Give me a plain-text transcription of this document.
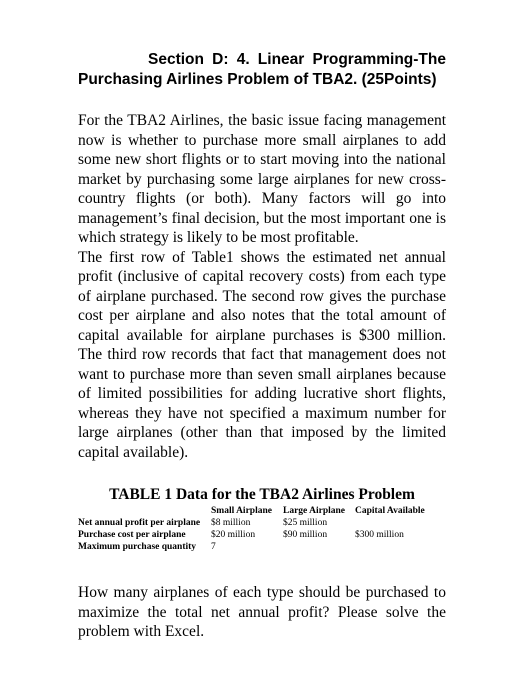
Section D: 4. Linear Programming-The Purchasing Airlines Problem of TBA2. (25Points)

For the TBA2 Airlines, the basic issue facing management now is whether to purchase more small airplanes to add some new short flights or to start moving into the national market by purchasing some large airplanes for new cross-country flights (or both). Many factors will go into management’s final decision, but the most important one is which strategy is likely to be most profitable.

The first row of Table1 shows the estimated net annual profit (inclusive of capital recovery costs) from each type of airplane purchased. The second row gives the purchase cost per airplane and also notes that the total amount of capital available for airplane purchases is $300 million. The third row records that fact that management does not want to purchase more than seven small airplanes because of limited possibilities for adding lucrative short flights, whereas they have not specified a maximum number for large airplanes (other than that imposed by the limited capital available).

TABLE 1 Data for the TBA2 Airlines Problem

	Small Airplane	Large Airplane	Capital Available
Net annual profit per airplane	$8 million	$25 million	
Purchase cost per airplane	$20 million	$90 million	$300 million
Maximum purchase quantity	7		

How many airplanes of each type should be purchased to maximize the total net annual profit? Please solve the problem with Excel.
